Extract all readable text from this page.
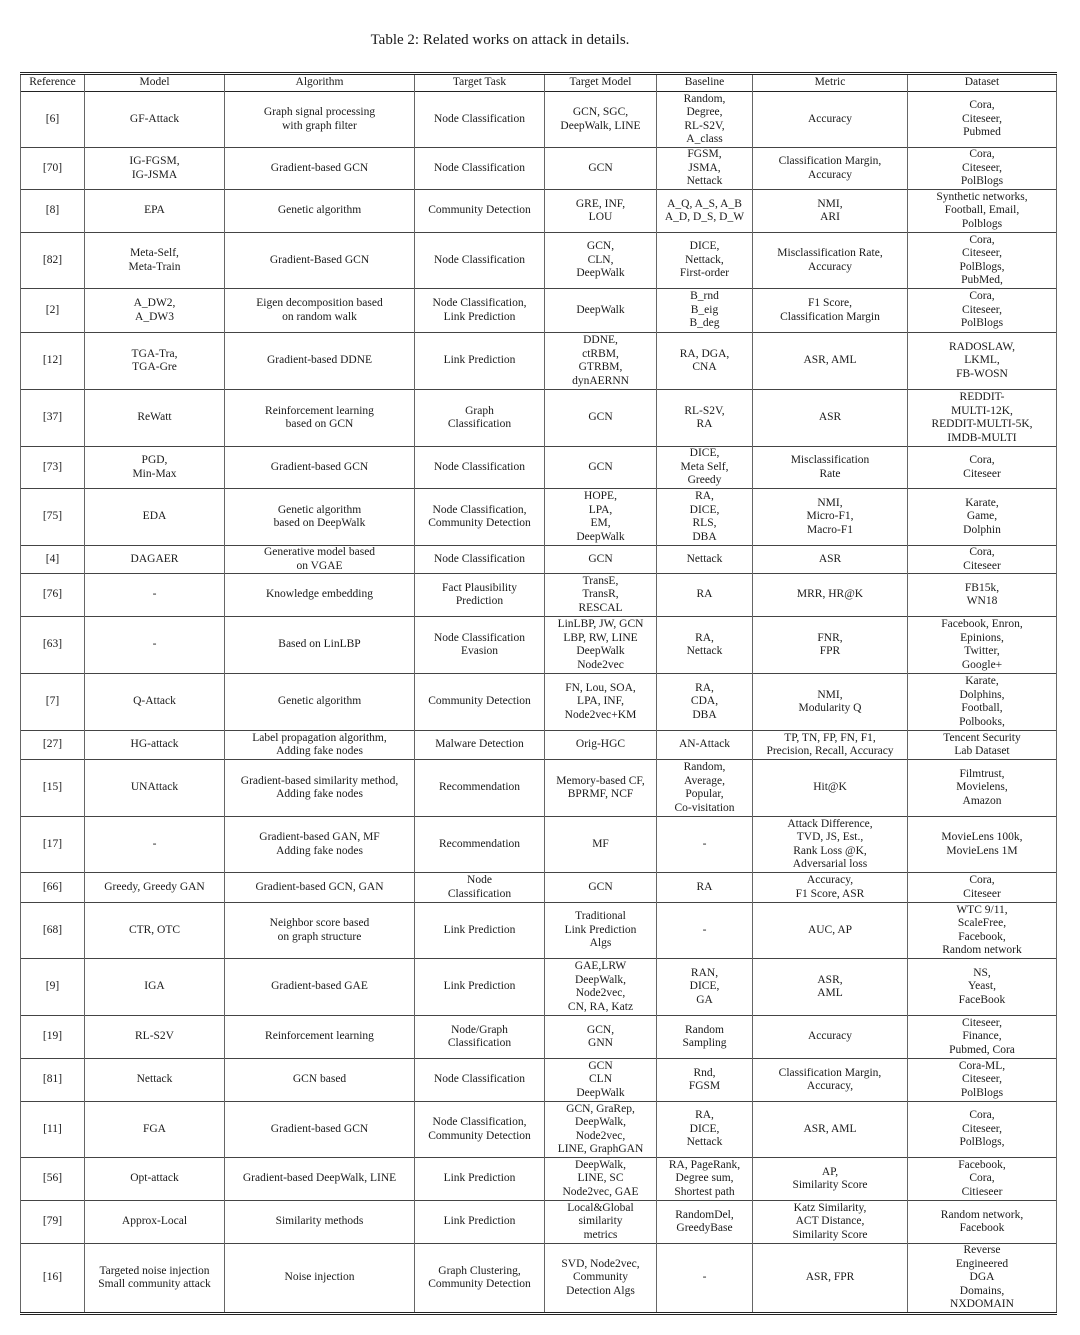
Table 2: Related works on attack in details.
Reference	Model	Algorithm	Target Task	Target Model	Baseline	Metric	Dataset
[6]	GF-Attack	Graph signal processing
with graph filter	Node Classification	GCN, SGC,
DeepWalk, LINE	Random,
Degree,
RL-S2V,
A_class	Accuracy	Cora,
Citeseer,
Pubmed
[70]	IG-FGSM,
IG-JSMA	Gradient-based GCN	Node Classification	GCN	FGSM,
JSMA,
Nettack	Classification Margin,
Accuracy	Cora,
Citeseer,
PolBlogs
[8]	EPA	Genetic algorithm	Community Detection	GRE, INF,
LOU	A_Q, A_S, A_B
A_D, D_S, D_W	NMI,
ARI	Synthetic networks,
Football, Email,
Polblogs
[82]	Meta-Self,
Meta-Train	Gradient-Based GCN	Node Classification	GCN,
CLN,
DeepWalk	DICE,
Nettack,
First-order	Misclassification Rate,
Accuracy	Cora,
Citeseer,
PolBlogs,
PubMed,
[2]	A_DW2,
A_DW3	Eigen decomposition based
on random walk	Node Classification,
Link Prediction	DeepWalk	B_rnd
B_eig
B_deg	F1 Score,
Classification Margin	Cora,
Citeseer,
PolBlogs
[12]	TGA-Tra,
TGA-Gre	Gradient-based DDNE	Link Prediction	DDNE,
ctRBM,
GTRBM,
dynAERNN	RA, DGA,
CNA	ASR, AML	RADOSLAW,
LKML,
FB-WOSN
[37]	ReWatt	Reinforcement learning
based on GCN	Graph
Classification	GCN	RL-S2V,
RA	ASR	REDDIT-
MULTI-12K,
REDDIT-MULTI-5K,
IMDB-MULTI
[73]	PGD,
Min-Max	Gradient-based GCN	Node Classification	GCN	DICE,
Meta Self,
Greedy	Misclassification
Rate	Cora,
Citeseer
[75]	EDA	Genetic algorithm
based on DeepWalk	Node Classification,
Community Detection	HOPE,
LPA,
EM,
DeepWalk	RA,
DICE,
RLS,
DBA	NMI,
Micro-F1,
Macro-F1	Karate,
Game,
Dolphin
[4]	DAGAER	Generative model based
on VGAE	Node Classification	GCN	Nettack	ASR	Cora,
Citeseer
[76]	-	Knowledge embedding	Fact Plausibility
Prediction	TransE,
TransR,
RESCAL	RA	MRR, HR@K	FB15k,
WN18
[63]	-	Based on LinLBP	Node Classification
Evasion	LinLBP, JW, GCN
LBP, RW, LINE
DeepWalk
Node2vec	RA,
Nettack	FNR,
FPR	Facebook, Enron,
Epinions,
Twitter,
Google+
[7]	Q-Attack	Genetic algorithm	Community Detection	FN, Lou, SOA,
LPA, INF,
Node2vec+KM	RA,
CDA,
DBA	NMI,
Modularity Q	Karate,
Dolphins,
Football,
Polbooks,
[27]	HG-attack	Label propagation algorithm,
Adding fake nodes	Malware Detection	Orig-HGC	AN-Attack	TP, TN, FP, FN, F1,
Precision, Recall, Accuracy	Tencent Security
Lab Dataset
[15]	UNAttack	Gradient-based similarity method,
Adding fake nodes	Recommendation	Memory-based CF,
BPRMF, NCF	Random,
Average,
Popular,
Co-visitation	Hit@K	Filmtrust,
Movielens,
Amazon
[17]	-	Gradient-based GAN, MF
Adding fake nodes	Recommendation	MF	-	Attack Difference,
TVD, JS, Est.,
Rank Loss @K,
Adversarial loss	MovieLens 100k,
MovieLens 1M
[66]	Greedy, Greedy GAN	Gradient-based GCN, GAN	Node
Classification	GCN	RA	Accuracy,
F1 Score, ASR	Cora,
Citeseer
[68]	CTR, OTC	Neighbor score based
on graph structure	Link Prediction	Traditional
Link Prediction
Algs	-	AUC, AP	WTC 9/11,
ScaleFree,
Facebook,
Random network
[9]	IGA	Gradient-based GAE	Link Prediction	GAE,LRW
DeepWalk,
Node2vec,
CN, RA, Katz	RAN,
DICE,
GA	ASR,
AML	NS,
Yeast,
FaceBook
[19]	RL-S2V	Reinforcement learning	Node/Graph
Classification	GCN,
GNN	Random
Sampling	Accuracy	Citeseer,
Finance,
Pubmed, Cora
[81]	Nettack	GCN based	Node Classification	GCN
CLN
DeepWalk	Rnd,
FGSM	Classification Margin,
Accuracy,	Cora-ML,
Citeseer,
PolBlogs
[11]	FGA	Gradient-based GCN	Node Classification,
Community Detection	GCN, GraRep,
DeepWalk,
Node2vec,
LINE, GraphGAN	RA,
DICE,
Nettack	ASR, AML	Cora,
Citeseer,
PolBlogs,
[56]	Opt-attack	Gradient-based DeepWalk, LINE	Link Prediction	DeepWalk,
LINE, SC
Node2vec, GAE	RA, PageRank,
Degree sum,
Shortest path	AP,
Similarity Score	Facebook,
Cora,
Citieseer
[79]	Approx-Local	Similarity methods	Link Prediction	Local&Global
similarity
metrics	RandomDel,
GreedyBase	Katz Similarity,
ACT Distance,
Similarity Score	Random network,
Facebook
[16]	Targeted noise injection
Small community attack	Noise injection	Graph Clustering,
Community Detection	SVD, Node2vec,
Community
Detection Algs	-	ASR, FPR	Reverse
Engineered
DGA
Domains,
NXDOMAIN
